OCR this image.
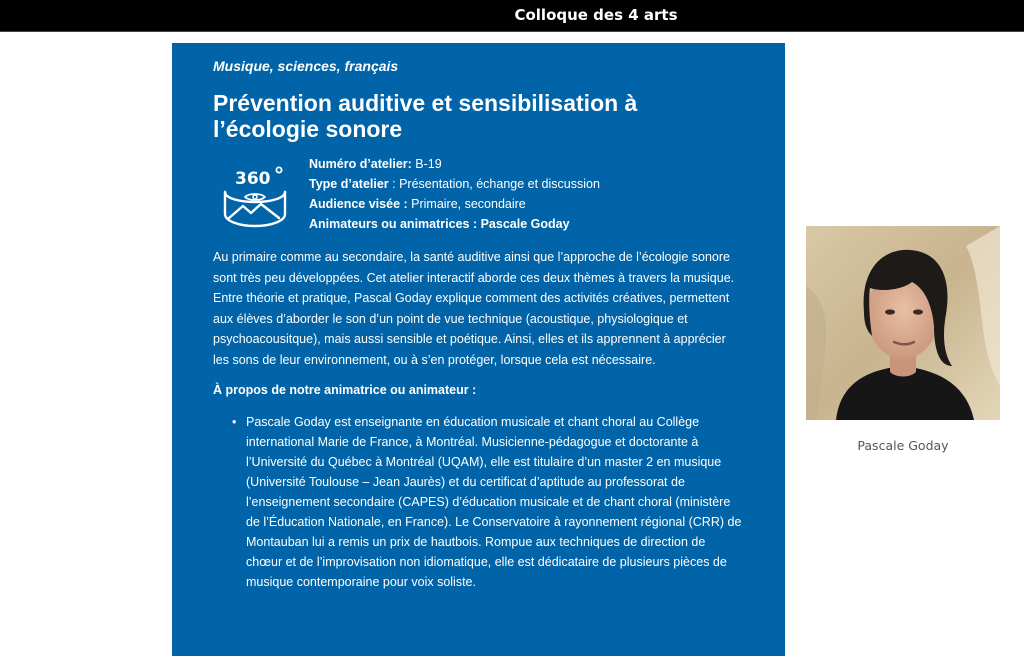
Colloque des 4 arts

Musique, sciences, français

Prévention auditive et sensibilisation à l’écologie sonore
360
Numéro d’atelier: B-19
Type d’atelier : Présentation, échange et discussion
Audience visée : Primaire, secondaire
Animateurs ou animatrices : Pascale Goday

Au primaire comme au secondaire, la santé auditive ainsi que l’approche de l’écologie sonore sont très peu développées. Cet atelier interactif aborde ces deux thèmes à travers la musique. Entre théorie et pratique, Pascal Goday explique comment des activités créatives, permettent aux élèves d’aborder le son d’un point de vue technique (acoustique, physiologique et psychoacousitque), mais aussi sensible et poétique. Ainsi, elles et ils apprennent à apprécier les sons de leur environnement, ou à s’en protéger, lorsque cela est nécessaire.

À propos de notre animatrice ou animateur :

• Pascale Goday est enseignante en éducation musicale et chant choral au Collège international Marie de France, à Montréal. Musicienne-pédagogue et doctorante à l’Université du Québec à Montréal (UQAM), elle est titulaire d’un master 2 en musique (Université Toulouse – Jean Jaurès) et du certificat d’aptitude au professorat de l’enseignement secondaire (CAPES) d’éducation musicale et de chant choral (ministère de l’Éducation Nationale, en France). Le Conservatoire à rayonnement régional (CRR) de Montauban lui a remis un prix de hautbois. Rompue aux techniques de direction de chœur et de l’improvisation non idiomatique, elle est dédicataire de plusieurs pièces de musique contemporaine pour voix soliste.
Pascale Goday
